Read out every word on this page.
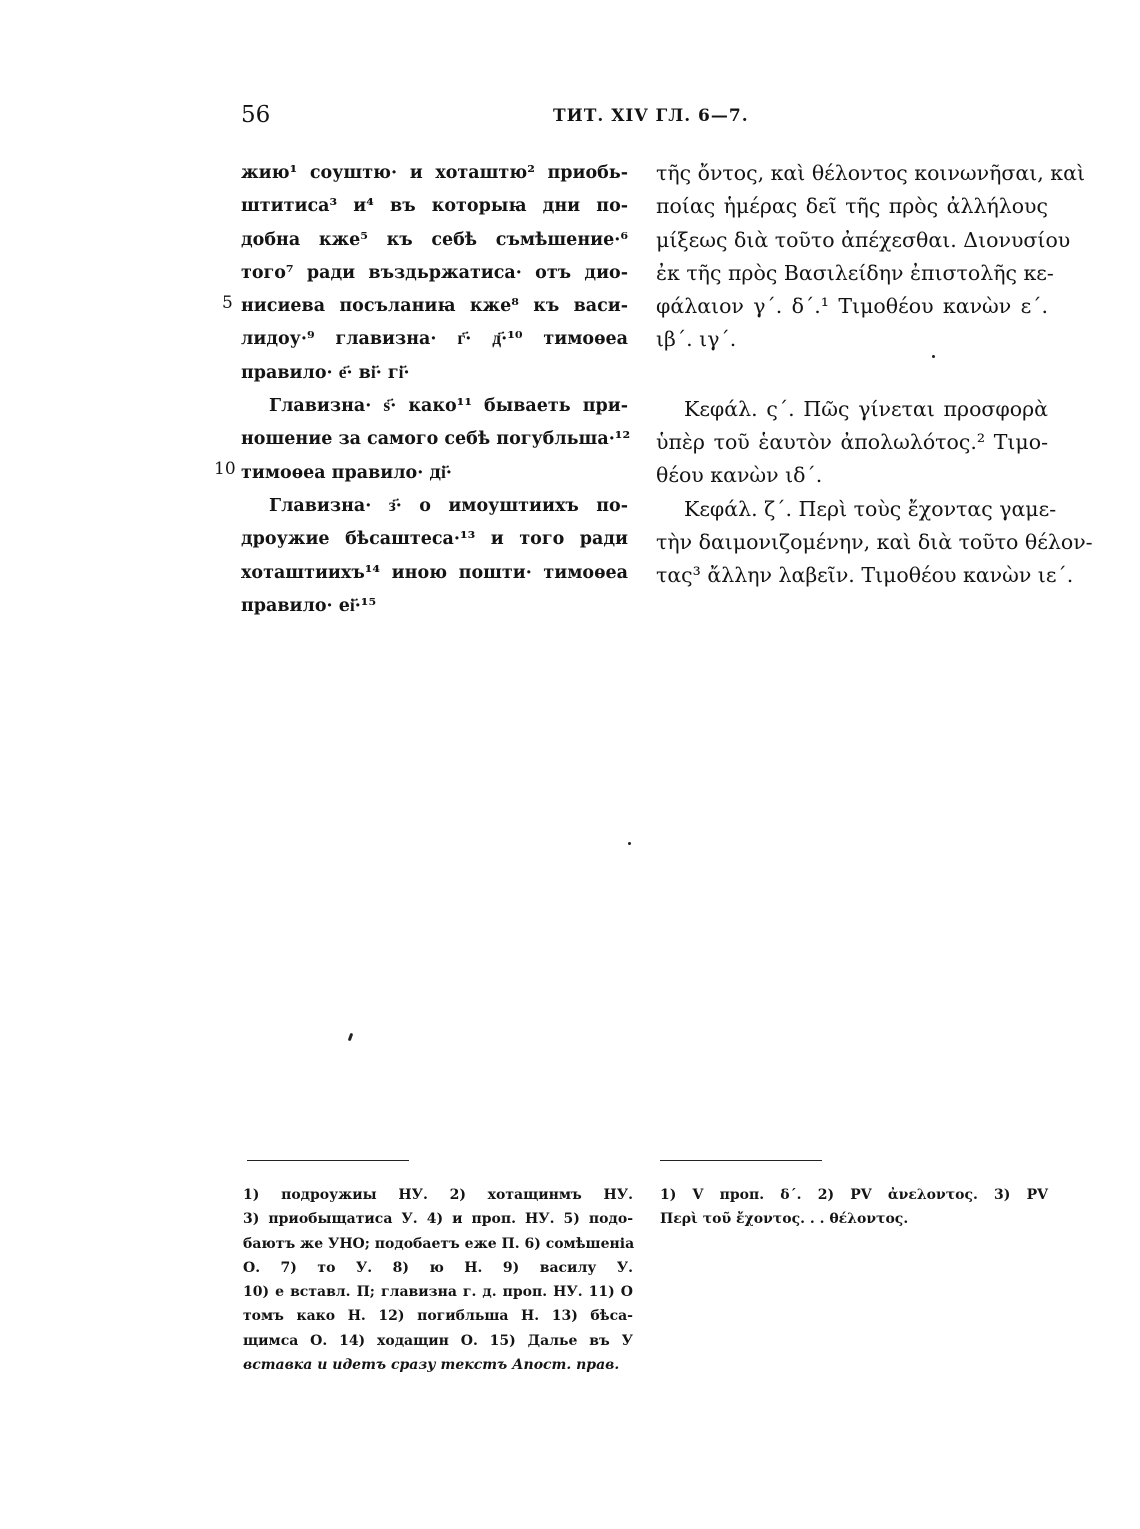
56	ТИТ. XIV ГЛ. 6—7.
жию¹ соуштю· и хоташтю² приобь-
штитиса³ и⁴ въ которыꙗ дни по-
добна кже⁵ къ себѣ съмѣшение·⁶
того⁷ ради въздьржатиса· отъ дио-
нисиева посъланиꙗ кже⁸ къ васи-
лидоу·⁹ главизна· г҃· д҃·¹⁰ тимоѳеа
правило· е҃· ві҃· гі҃·
Главизна· ѕ҃· како¹¹ бываеть при-
ношение за самого себѣ погубльша·¹²
тимоѳеа правило· ді҃·
Главизна· з҃· о имоуштиихъ по-
дроужие бѣсаштеса·¹³ и того ради
хоташтиихъ¹⁴ иною пошти· тимоѳеа
правило· еі҃·¹⁵
5
10
τῆς ὄντος, καὶ θέλοντος κοινωνῆσαι, καὶ
ποίας ἡμέρας δεῖ τῆς πρὸς ἀλλήλους
μίξεως διὰ τοῦτο ἀπέχεσθαι. Διονυσίου
ἐκ τῆς πρὸς Βασιλείδην ἐπιστολῆς κε-
φάλαιον γ΄. δ΄.¹ Τιμοθέου κανὼν ε΄.
ιβ΄. ιγ΄.
Κεφάλ. ς΄. Πῶς γίνεται προσφορὰ
ὑπὲρ τοῦ ἑαυτὸν ἀπολωλότος.² Τιμο-
θέου κανὼν ιδ΄.
Κεφάλ. ζ΄. Περὶ τοὺς ἔχοντας γαμε-
τὴν δαιμονιζομένην, καὶ διὰ τοῦτο θέλον-
τας³ ἄλλην λαβεῖν. Τιμοθέου κανὼν ιε΄.
1) подроужиы НУ. 2) хотащинмъ НУ.
3) приобыщатиса У. 4) и проп. НУ. 5) подо-
баютъ же УНО; подобаетъ еже П. 6) сомѣшенiа
О. 7) то У. 8) ю Н. 9) василу У.
10) е вставл. П; главизна г. д. проп. НУ. 11) О
томъ како Н. 12) погибльша Н. 13) бѣса-
щимса О. 14) ходащин О. 15) Далье въ У
вставка и идетъ сразу текстъ Апост. прав.
1) V проп. δ΄. 2) PV ἀνελοντος. 3) PV
Περὶ τοῦ ἔχοντος. . . θέλοντος.
